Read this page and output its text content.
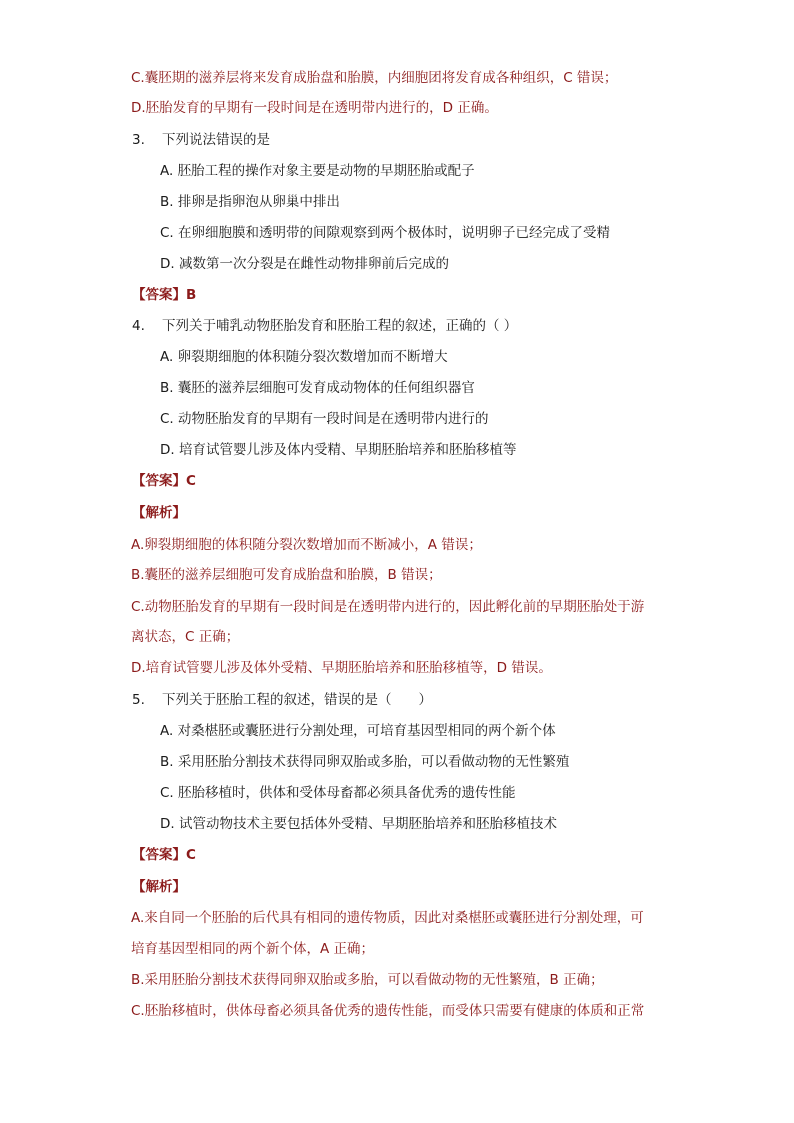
C.囊胚期的滋养层将来发育成胎盘和胎膜，内细胞团将发育成各种组织，C 错误；
D.胚胎发育的早期有一段时间是在透明带内进行的，D 正确。
3. 下列说法错误的是
A. 胚胎工程的操作对象主要是动物的早期胚胎或配子
B. 排卵是指卵泡从卵巢中排出
C. 在卵细胞膜和透明带的间隙观察到两个极体时，说明卵子已经完成了受精
D. 减数第一次分裂是在雌性动物排卵前后完成的
【答案】B
4. 下列关于哺乳动物胚胎发育和胚胎工程的叙述，正确的（ ）
A. 卵裂期细胞的体积随分裂次数增加而不断增大
B. 囊胚的滋养层细胞可发育成动物体的任何组织器官
C. 动物胚胎发育的早期有一段时间是在透明带内进行的
D. 培育试管婴儿涉及体内受精、早期胚胎培养和胚胎移植等
【答案】C
【解析】
A.卵裂期细胞的体积随分裂次数增加而不断减小，A 错误；
B.囊胚的滋养层细胞可发育成胎盘和胎膜，B 错误；
C.动物胚胎发育的早期有一段时间是在透明带内进行的，因此孵化前的早期胚胎处于游
离状态，C 正确；
D.培育试管婴儿涉及体外受精、早期胚胎培养和胚胎移植等，D 错误。
5. 下列关于胚胎工程的叙述，错误的是（　　）
A. 对桑椹胚或囊胚进行分割处理，可培育基因型相同的两个新个体
B. 采用胚胎分割技术获得同卵双胎或多胎，可以看做动物的无性繁殖
C. 胚胎移植时，供体和受体母畜都必须具备优秀的遗传性能
D. 试管动物技术主要包括体外受精、早期胚胎培养和胚胎移植技术
【答案】C
【解析】
A.来自同一个胚胎的后代具有相同的遗传物质，因此对桑椹胚或囊胚进行分割处理，可
培育基因型相同的两个新个体，A 正确；
B.采用胚胎分割技术获得同卵双胎或多胎，可以看做动物的无性繁殖，B 正确；
C.胚胎移植时，供体母畜必须具备优秀的遗传性能，而受体只需要有健康的体质和正常
